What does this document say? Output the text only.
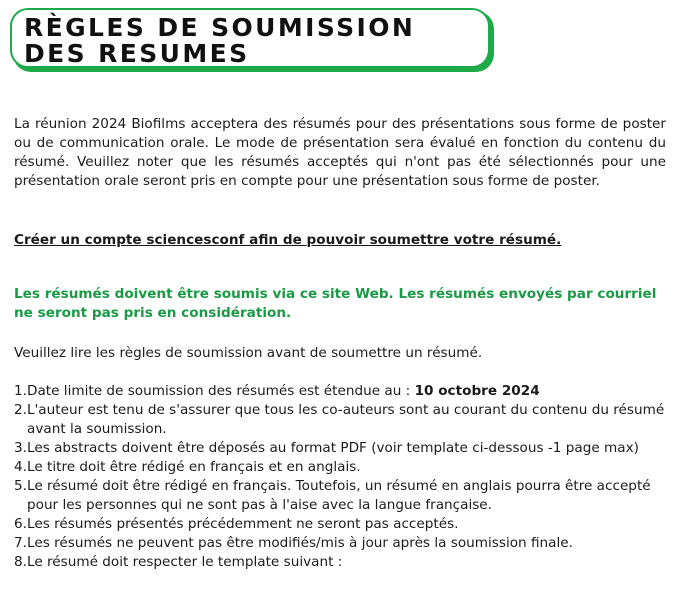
RÈGLES DE SOUMISSION
DES RESUMES

La réunion 2024 Biofilms acceptera des résumés pour des présentations sous forme de poster ou de communication orale. Le mode de présentation sera évalué en fonction du contenu du résumé. Veuillez noter que les résumés acceptés qui n'ont pas été sélectionnés pour une présentation orale seront pris en compte pour une présentation sous forme de poster.

Créer un compte sciencesconf afin de pouvoir soumettre votre résumé.

Les résumés doivent être soumis via ce site Web. Les résumés envoyés par courriel ne seront pas pris en considération.

Veuillez lire les règles de soumission avant de soumettre un résumé.

1. Date limite de soumission des résumés est étendue au : 10 octobre 2024
2. L'auteur est tenu de s'assurer que tous les co-auteurs sont au courant du contenu du résumé avant la soumission.
3. Les abstracts doivent être déposés au format PDF (voir template ci-dessous -1 page max)
4. Le titre doit être rédigé en français et en anglais.
5. Le résumé doit être rédigé en français. Toutefois, un résumé en anglais pourra être accepté pour les personnes qui ne sont pas à l'aise avec la langue française.
6. Les résumés présentés précédemment ne seront pas acceptés.
7. Les résumés ne peuvent pas être modifiés/mis à jour après la soumission finale.
8. Le résumé doit respecter le template suivant :
